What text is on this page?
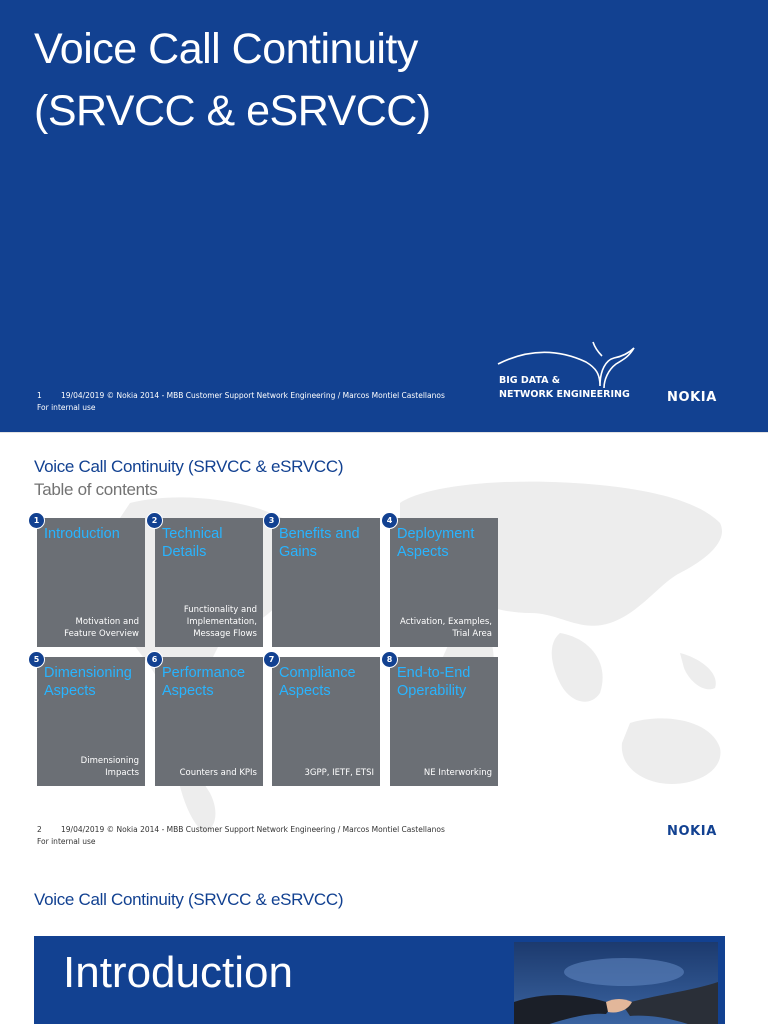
Voice Call Continuity
(SRVCC & eSRVCC)
1	19/04/2019 © Nokia 2014 - MBB Customer Support Network Engineering / Marcos Montiel Castellanos
For internal use
BIG DATA &
NETWORK ENGINEERING	NOKIA
Voice Call Continuity (SRVCC & eSRVCC)
Table of contents
1
Introduction
Motivation and
Feature Overview
2
Technical
Details
Functionality and
Implementation,
Message Flows
3
Benefits and
Gains
4
Deployment
Aspects
Activation, Examples,
Trial Area
5
Dimensioning
Aspects
Dimensioning
Impacts
6
Performance
Aspects
Counters and KPIs
7
Compliance
Aspects
3GPP, IETF, ETSI
8
End-to-End
Operability
NE Interworking
2	19/04/2019 © Nokia 2014 - MBB Customer Support Network Engineering / Marcos Montiel Castellanos
For internal use
NOKIA
Voice Call Continuity (SRVCC & eSRVCC)
Introduction
